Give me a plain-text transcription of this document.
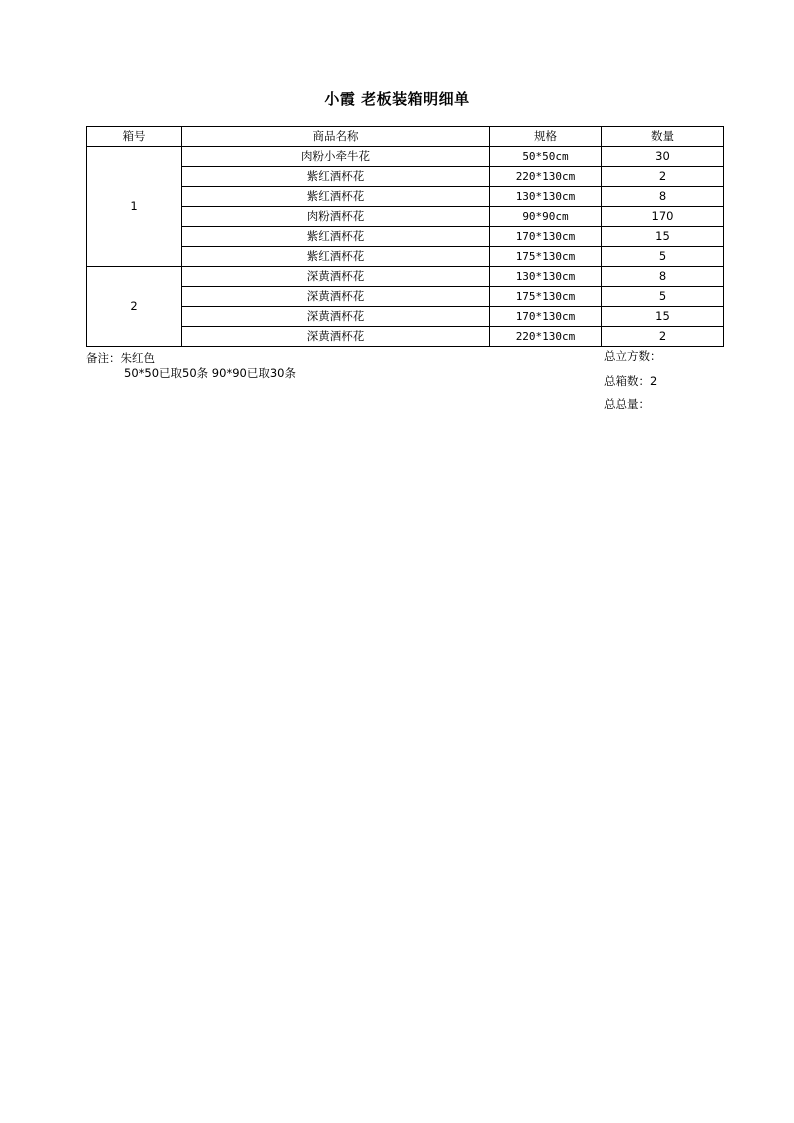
小霞 老板装箱明细单
箱号	商品名称	规格	数量
1	肉粉小牵牛花	50*50cm	30
	紫红酒杯花	220*130cm	2
	紫红酒杯花	130*130cm	8
	肉粉酒杯花	90*90cm	170
	紫红酒杯花	170*130cm	15
	紫红酒杯花	175*130cm	5
2	深黄酒杯花	130*130cm	8
	深黄酒杯花	175*130cm	5
	深黄酒杯花	170*130cm	15
	深黄酒杯花	220*130cm	2
备注：朱红色
50*50已取50条 90*90已取30条
总立方数：
总箱数：2
总总量：
